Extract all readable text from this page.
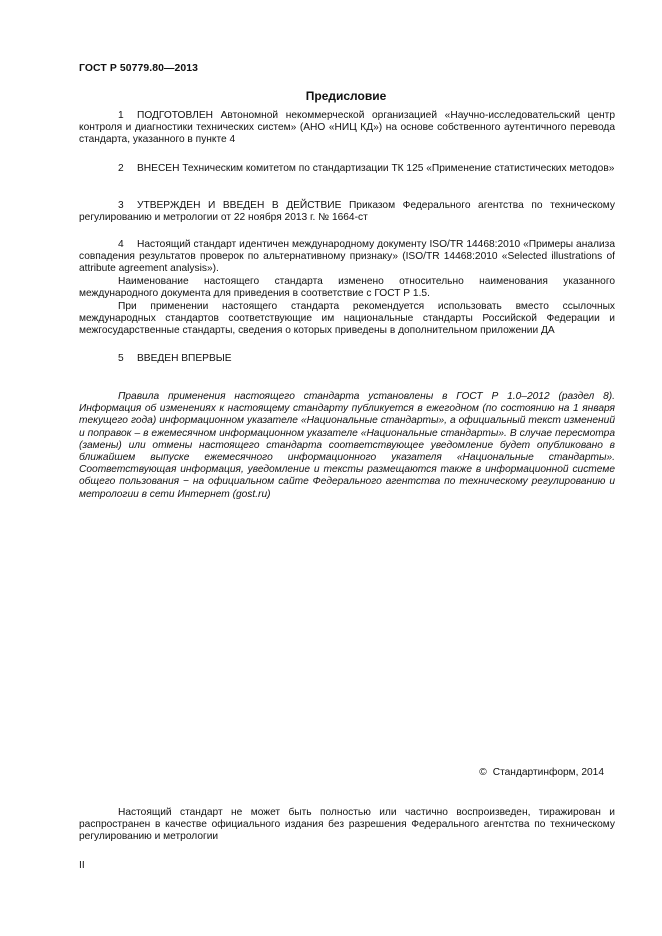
ГОСТ Р 50779.80—2013
Предисловие

1 ПОДГОТОВЛЕН Автономной некоммерческой организацией «Научно-исследовательский центр контроля и диагностики технических систем» (АНО «НИЦ КД») на основе собственного аутентичного перевода стандарта, указанного в пункте 4

2 ВНЕСЕН Техническим комитетом по стандартизации ТК 125 «Применение статистических методов»

3 УТВЕРЖДЕН И ВВЕДЕН В ДЕЙСТВИЕ Приказом Федерального агентства по техническому регулированию и метрологии от 22 ноября 2013 г. № 1664-ст

4 Настоящий стандарт идентичен международному документу ISO/TR 14468:2010 «Примеры анализа совпадения результатов проверок по альтернативному признаку» (ISO/TR 14468:2010 «Selected illustrations of attribute agreement analysis»).

Наименование настоящего стандарта изменено относительно наименования указанного международного документа для приведения в соответствие с ГОСТ Р 1.5.

При применении настоящего стандарта рекомендуется использовать вместо ссылочных международных стандартов соответствующие им национальные стандарты Российской Федерации и межгосударственные стандарты, сведения о которых приведены в дополнительном приложении ДА

5 ВВЕДЕН ВПЕРВЫЕ

Правила применения настоящего стандарта установлены в ГОСТ Р 1.0–2012 (раздел 8). Информация об изменениях к настоящему стандарту публикуется в ежегодном (по состоянию на 1 января текущего года) информационном указателе «Национальные стандарты», а официальный текст изменений и поправок – в ежемесячном информационном указателе «Национальные стандарты». В случае пересмотра (замены) или отмены настоящего стандарта соответствующее уведомление будет опубликовано в ближайшем выпуске ежемесячного информационного указателя «Национальные стандарты». Соответствующая информация, уведомление и тексты размещаются также в информационной системе общего пользования − на официальном сайте Федерального агентства по техническому регулированию и метрологии в сети Интернет (gost.ru)

© Стандартинформ, 2014

Настоящий стандарт не может быть полностью или частично воспроизведен, тиражирован и распространен в качестве официального издания без разрешения Федерального агентства по техническому регулированию и метрологии

II
